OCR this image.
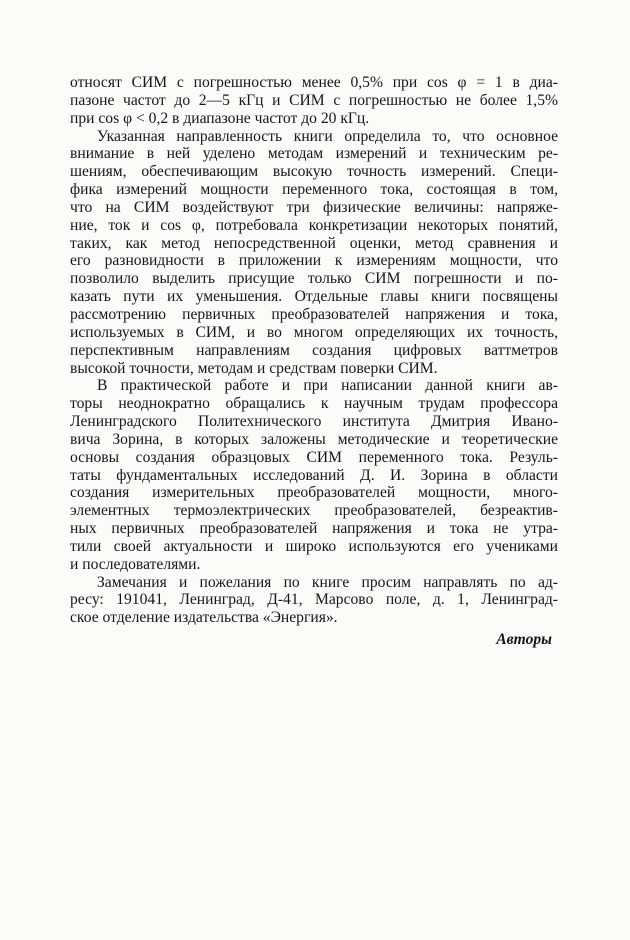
относят СИМ с погрешностью менее 0,5% при cos φ = 1 в диа-
пазоне частот до 2—5 кГц и СИМ с погрешностью не более 1,5%
при cos φ < 0,2 в диапазоне частот до 20 кГц.
Указанная направленность книги определила то, что основное
внимание в ней уделено методам измерений и техническим ре-
шениям, обеспечивающим высокую точность измерений. Специ-
фика измерений мощности переменного тока, состоящая в том,
что на СИМ воздействуют три физические величины: напряже-
ние, ток и cos φ, потребовала конкретизации некоторых понятий,
таких, как метод непосредственной оценки, метод сравнения и
его разновидности в приложении к измерениям мощности, что
позволило выделить присущие только СИМ погрешности и по-
казать пути их уменьшения. Отдельные главы книги посвящены
рассмотрению первичных преобразователей напряжения и тока,
используемых в СИМ, и во многом определяющих их точность,
перспективным направлениям создания цифровых ваттметров
высокой точности, методам и средствам поверки СИМ.
В практической работе и при написании данной книги ав-
торы неоднократно обращались к научным трудам профессора
Ленинградского Политехнического института Дмитрия Ивано-
вича Зорина, в которых заложены методические и теоретические
основы создания образцовых СИМ переменного тока. Резуль-
таты фундаментальных исследований Д. И. Зорина в области
создания измерительных преобразователей мощности, много-
элементных термоэлектрических преобразователей, безреактив-
ных первичных преобразователей напряжения и тока не утра-
тили своей актуальности и широко используются его учениками
и последователями.
Замечания и пожелания по книге просим направлять по ад-
ресу: 191041, Ленинград, Д-41, Марсово поле, д. 1, Ленинград-
ское отделение издательства «Энергия».
Авторы
